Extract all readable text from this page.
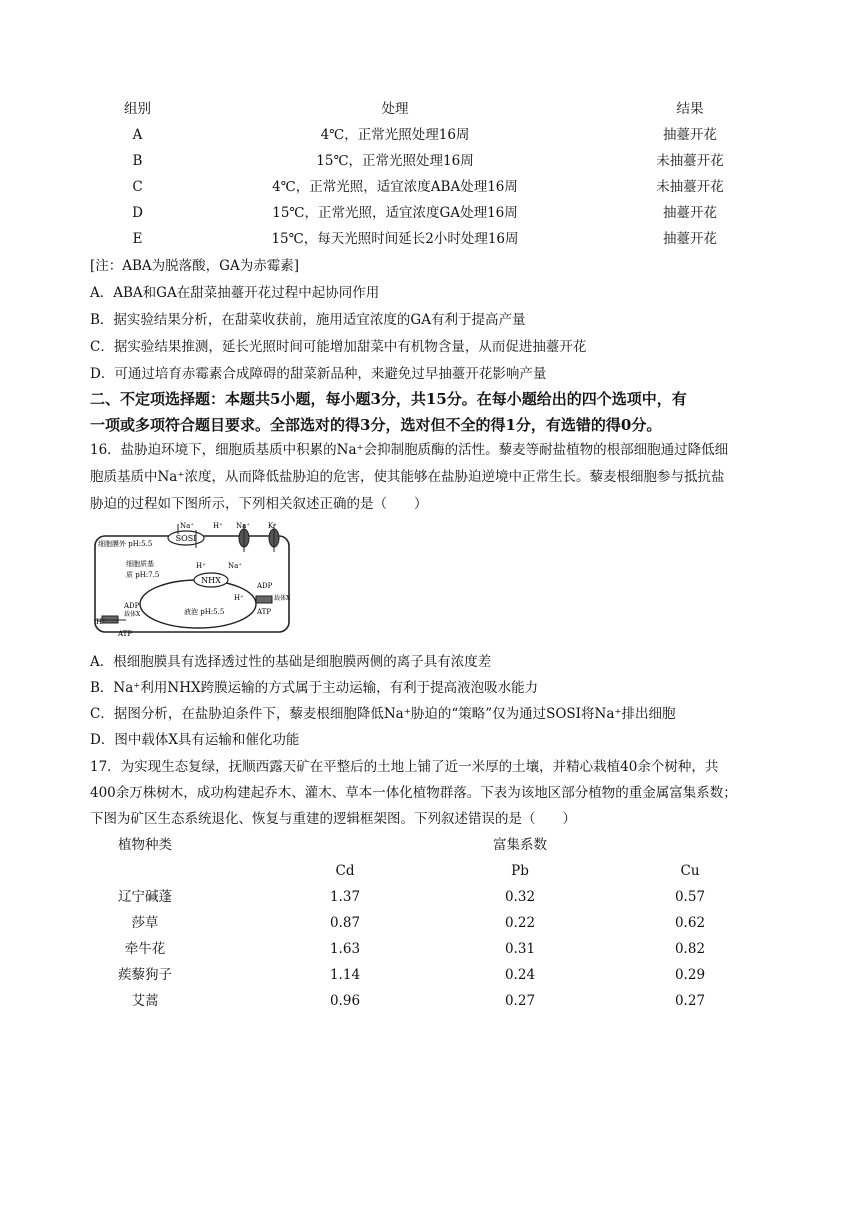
组别	处理	结果
A	4℃，正常光照处理16周	抽薹开花
B	15℃，正常光照处理16周	未抽薹开花
C	4℃，正常光照，适宜浓度ABA处理16周	未抽薹开花
D	15℃，正常光照，适宜浓度GA处理16周	抽薹开花
E	15℃，每天光照时间延长2小时处理16周	抽薹开花
[注：ABA为脱落酸，GA为赤霉素]
A．ABA和GA在甜菜抽薹开花过程中起协同作用
B．据实验结果分析，在甜菜收获前，施用适宜浓度的GA有利于提高产量
C．据实验结果推测，延长光照时间可能增加甜菜中有机物含量，从而促进抽薹开花
D．可通过培育赤霉素合成障碍的甜菜新品种，来避免过早抽薹开花影响产量
二、不定项选择题：本题共5小题，每小题3分，共15分。在每小题给出的四个选项中，有
一项或多项符合题目要求。全部选对的得3分，选对但不全的得1分，有选错的得0分。
16．盐胁迫环境下，细胞质基质中积累的Na⁺会抑制胞质酶的活性。藜麦等耐盐植物的根部细胞通过降低细
胞质基质中Na⁺浓度，从而降低盐胁迫的危害，使其能够在盐胁迫逆境中正常生长。藜麦根细胞参与抵抗盐
胁迫的过程如下图所示，下列相关叙述正确的是（　　）
SOSI
NHX
Na⁺	H⁺ Na⁺	K⁺
细胞膜外 pH:5.5
细胞质基
质 pH:7.5
H⁺	Na⁺
ADP
H⁺	载体X
ATP
液泡 pH:5.5
ADP
载体X
H⁺
ATP
A．根细胞膜具有选择透过性的基础是细胞膜两侧的离子具有浓度差
B．Na⁺利用NHX跨膜运输的方式属于主动运输，有利于提高液泡吸水能力
C．据图分析，在盐胁迫条件下，藜麦根细胞降低Na⁺胁迫的“策略”仅为通过SOSI将Na⁺排出细胞
D．图中载体X具有运输和催化功能
17．为实现生态复绿，抚顺西露天矿在平整后的土地上铺了近一米厚的土壤，并精心栽植40余个树种，共
400余万株树木，成功构建起乔木、灌木、草本一体化植物群落。下表为该地区部分植物的重金属富集系数；
下图为矿区生态系统退化、恢复与重建的逻辑框架图。下列叙述错误的是（　　）
植物种类	富集系数
Cd	Pb	Cu
辽宁碱蓬	1.37	0.32	0.57
莎草	0.87	0.22	0.62
牵牛花	1.63	0.31	0.82
蒺藜狗子	1.14	0.24	0.29
艾蒿	0.96	0.27	0.27
